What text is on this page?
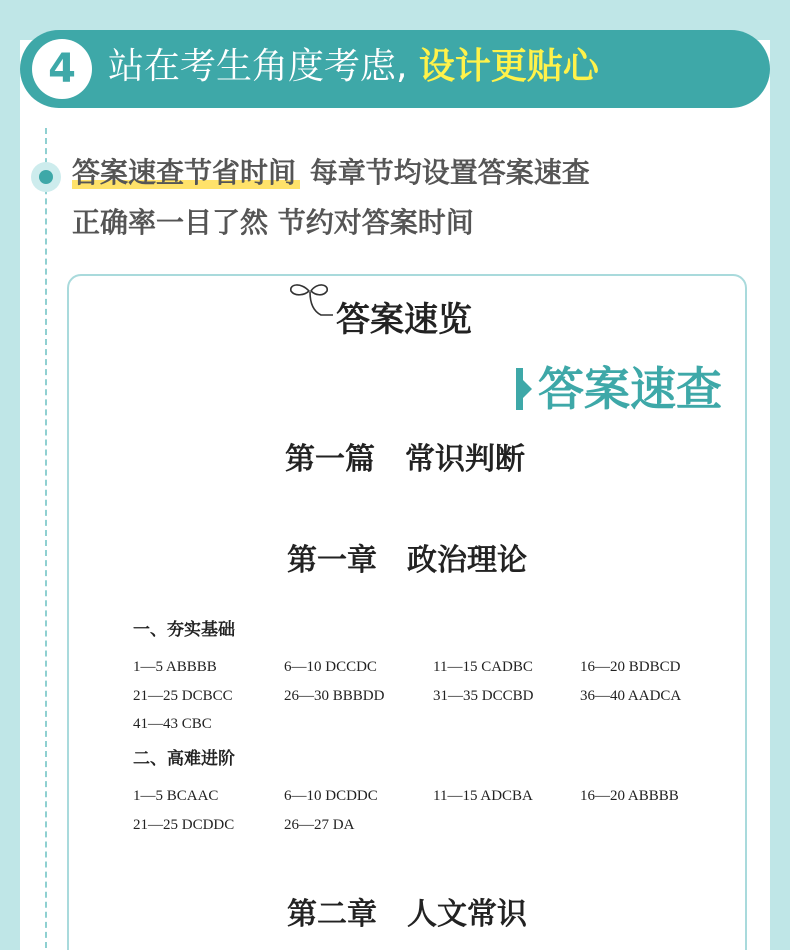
4 站在考生角度考虑, 设计更贴心
答案速查节省时间 每章节均设置答案速查
正确率一目了然 节约对答案时间
答案速览
答案速查
第一篇　常识判断
第一章　政治理论
一、夯实基础
1—5 ABBBB	6—10 DCCDC	11—15 CADBC	16—20 BDBCD
21—25 DCBCC	26—30 BBBDD	31—35 DCCBD	36—40 AADCA
41—43 CBC
二、高难进阶
1—5 BCAAC	6—10 DCDDC	11—15 ADCBA	16—20 ABBBB
21—25 DCDDC	26—27 DA
第二章　人文常识
